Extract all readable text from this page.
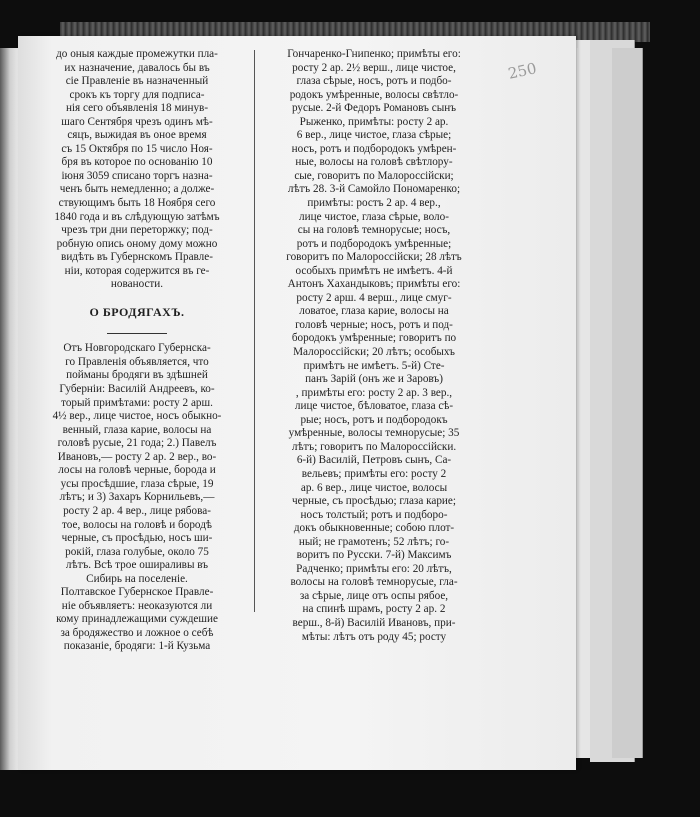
250

до оныя каждые промежутки пла-
их назначение, давалось бы въ
сіе Правленіе въ назначенный
срокъ къ торгу для подписа-
нія сего объявленія 18 минув-
шаго Сентября чрезъ одинъ мѣ-
сяцъ, выжидая въ оное время
съ 15 Октября по 15 число Ноя-
бря въ которое по основанію 10
іюня 3059 списано торгъ назна-
ченъ быть немедленно; а долже-
ствующимъ быть 18 Ноября сего
1840 года и въ слѣдующую затѣмъ
чрезъ три дни переторжку; под-
робную опись оному дому можно
видѣть въ Губернскомъ Правле-
ніи, которая содержится въ ге-
нованости.
О БРОДЯГАХЪ.
Отъ Новгородскаго Губернска-
го Правленія объявляется, что
пойманы бродяги въ здѣшней
Губерніи: Василій Андреевъ, ко-
торый примѣтами: росту 2 арш.
4½ вер., лице чистое, носъ обыкно-
венный, глаза карие, волосы на
головѣ русые, 21 года; 2.) Павелъ
Ивановъ,— росту 2 ар. 2 вер., во-
лосы на головѣ черные, борода и
усы просѣдшие, глаза сѣрые, 19
лѣтъ; и 3) Захаръ Корнильевъ,—
росту 2 ар. 4 вер., лице рябова-
тое, волосы на головѣ и бородѣ
черные, съ просѣдью, носъ ши-
рокій, глаза голубые, около 75
лѣтъ. Всѣ трое ошираливы въ
Сибирь на поселеніе.
Полтавское Губернское Правле-
ніе объявляетъ: неоказуются ли
кому принадлежащими суждешие
за бродяжество и ложное о себѣ
показаніе, бродяги: 1-й Кузьма
Гончаренко-Гнипенко; примѣты его:
росту 2 ар. 2½ верш., лице чистое,
глаза сѣрые, носъ, ротъ и подбо-
родокъ умѣренные, волосы свѣтло-
русые. 2-й Федоръ Романовъ сынъ
Рыженко, примѣты: росту 2 ар.
6 вер., лице чистое, глаза сѣрые;
носъ, ротъ и подбородокъ умѣрен-
ные, волосы на головѣ свѣтлору-
сые, говоритъ по Малороссійски;
лѣтъ 28. 3-й Самойло Пономаренко;
примѣты: ростъ 2 ар. 4 вер.,
лице чистое, глаза сѣрые, воло-
сы на головѣ темнорусые; носъ,
ротъ и подбородокъ умѣренные;
говоритъ по Малороссійски; 28 лѣтъ
особыхъ примѣтъ не имѣетъ. 4-й
Антонъ Хахандыковъ; примѣты его:
росту 2 арш. 4 верш., лице смуг-
ловатое, глаза карие, волосы на
головѣ черные; носъ, ротъ и под-
бородокъ умѣренные; говоритъ по
Малороссійски; 20 лѣтъ; особыхъ
примѣтъ не имѣетъ. 5-й) Сте-
панъ Зарій (онъ же и Заровъ)
, примѣты его: росту 2 ар. 3 вер.,
лице чистое, бѣловатое, глаза сѣ-
рые; носъ, ротъ и подбородокъ
умѣренные, волосы темнорусые; 35
лѣтъ; говоритъ по Малороссійски.
6-й) Василій, Петровъ сынъ, Са-
вельевъ; примѣты его: росту 2
ар. 6 вер., лице чистое, волосы
черные, съ просѣдью; глаза карие;
носъ толстый; ротъ и подборо-
докъ обыкновенные; собою плот-
ный; не грамотенъ; 52 лѣтъ; го-
воритъ по Русски. 7-й) Максимъ
Радченко; примѣты его: 20 лѣтъ,
волосы на головѣ темнорусые, гла-
за сѣрые, лице отъ оспы рябое,
на спинѣ шрамъ, росту 2 ар. 2
верш., 8-й) Василій Ивановъ, при-
мѣты: лѣтъ отъ роду 45; росту
